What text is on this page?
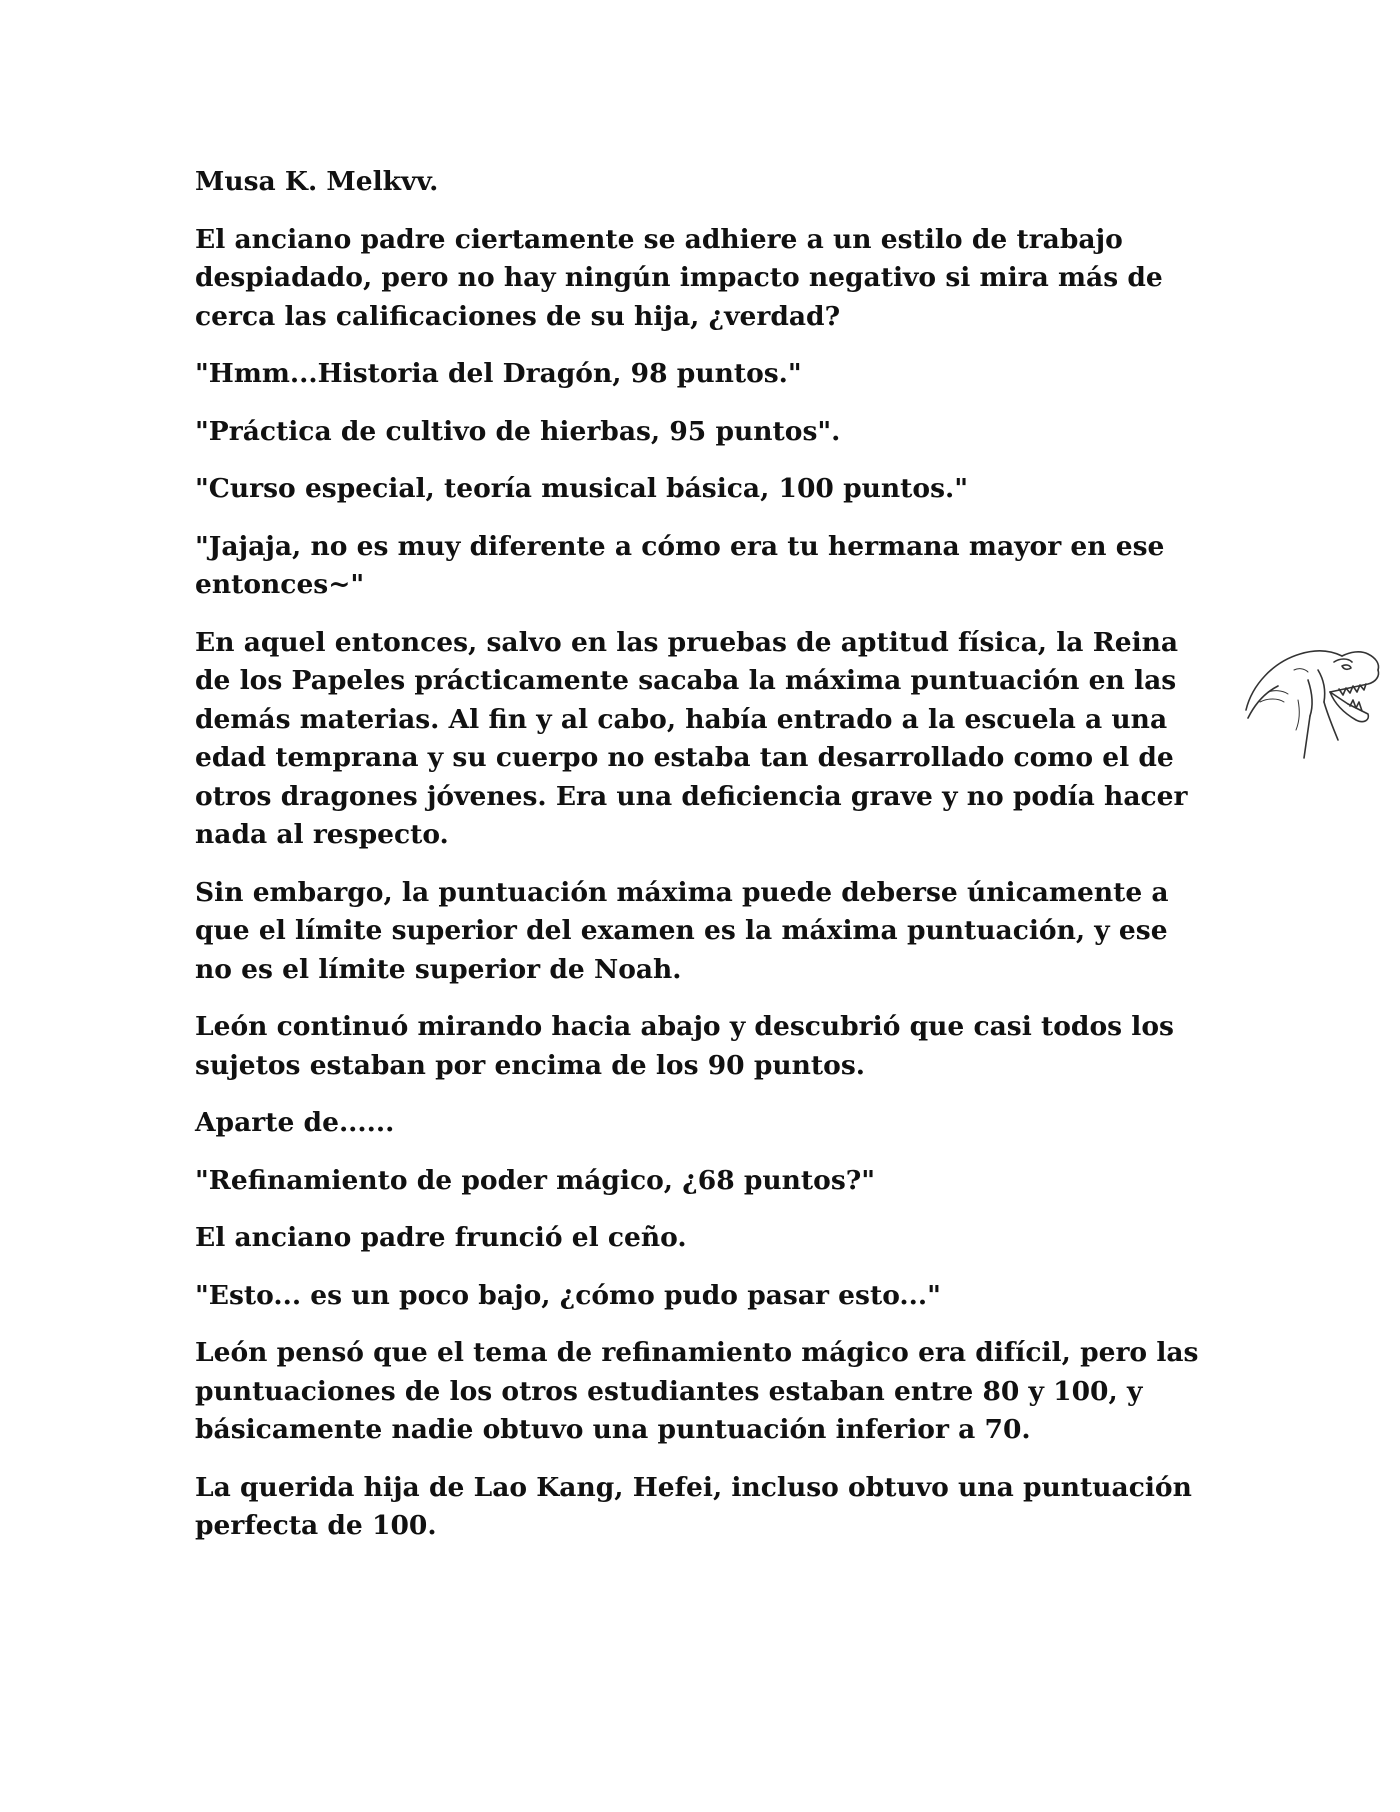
Musa K. Melkvv.

El anciano padre ciertamente se adhiere a un estilo de trabajo despiadado, pero no hay ningún impacto negativo si mira más de cerca las calificaciones de su hija, ¿verdad?

"Hmm...Historia del Dragón, 98 puntos."

"Práctica de cultivo de hierbas, 95 puntos".

"Curso especial, teoría musical básica, 100 puntos."

"Jajaja, no es muy diferente a cómo era tu hermana mayor en ese entonces~"

En aquel entonces, salvo en las pruebas de aptitud física, la Reina de los Papeles prácticamente sacaba la máxima puntuación en las demás materias. Al fin y al cabo, había entrado a la escuela a una edad temprana y su cuerpo no estaba tan desarrollado como el de otros dragones jóvenes. Era una deficiencia grave y no podía hacer nada al respecto.

Sin embargo, la puntuación máxima puede deberse únicamente a que el límite superior del examen es la máxima puntuación, y ese no es el límite superior de Noah.

León continuó mirando hacia abajo y descubrió que casi todos los sujetos estaban por encima de los 90 puntos.

Aparte de......

"Refinamiento de poder mágico, ¿68 puntos?"

El anciano padre frunció el ceño.

"Esto... es un poco bajo, ¿cómo pudo pasar esto..."

León pensó que el tema de refinamiento mágico era difícil, pero las puntuaciones de los otros estudiantes estaban entre 80 y 100, y básicamente nadie obtuvo una puntuación inferior a 70.

La querida hija de Lao Kang, Hefei, incluso obtuvo una puntuación perfecta de 100.
